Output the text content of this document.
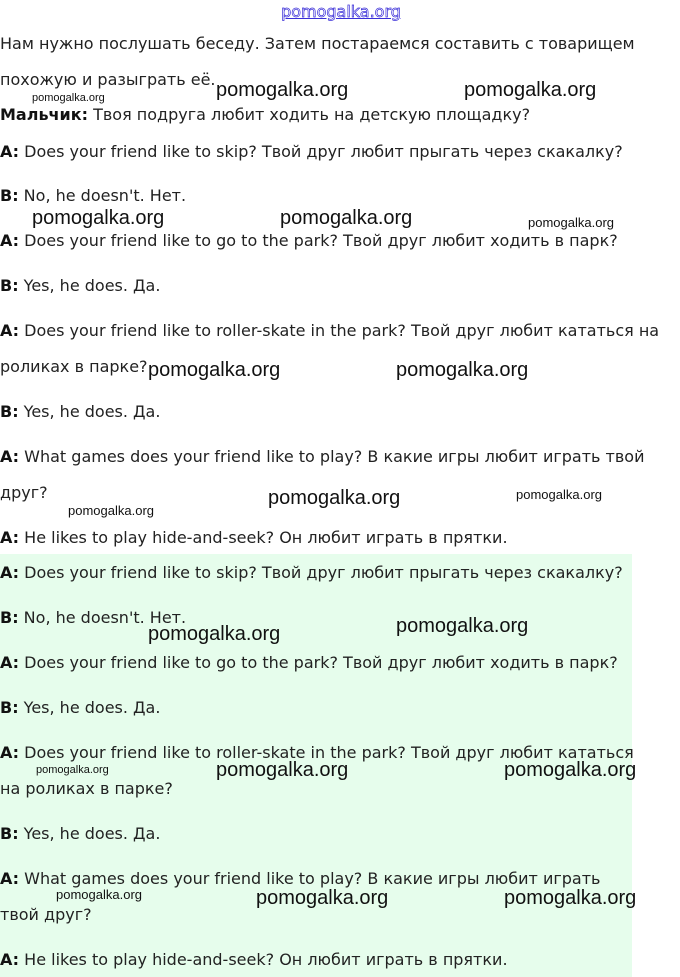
pomogalka.org
Нам нужно послушать беседу. Затем постараемся составить с товарищем
похожую и разыграть её.
Мальчик: Твоя подруга любит ходить на детскую площадку?
A: Does your friend like to skip? Твой друг любит прыгать через скакалку?
B: No, he doesn't. Нет.
A: Does your friend like to go to the park? Твой друг любит ходить в парк?
B: Yes, he does. Да.
A: Does your friend like to roller-skate in the park? Твой друг любит кататься на
роликах в парке?
B: Yes, he does. Да.
A: What games does your friend like to play? В какие игры любит играть твой
друг?
A: He likes to play hide-and-seek? Он любит играть в прятки.
A: Does your friend like to skip? Твой друг любит прыгать через скакалку?
B: No, he doesn't. Нет.
A: Does your friend like to go to the park? Твой друг любит ходить в парк?
B: Yes, he does. Да.
A: Does your friend like to roller-skate in the park? Твой друг любит кататься
на роликах в парке?
B: Yes, he does. Да.
A: What games does your friend like to play? В какие игры любит играть
твой друг?
A: He likes to play hide-and-seek? Он любит играть в прятки.
pomogalka.org	pomogalka.org
pomogalka.org
pomogalka.org	pomogalka.org	pomogalka.org
pomogalka.org	pomogalka.org
pomogalka.org
pomogalka.org
pomogalka.org
pomogalka.org	pomogalka.org
pomogalka.org	pomogalka.org	pomogalka.org
pomogalka.org	pomogalka.org	pomogalka.org
